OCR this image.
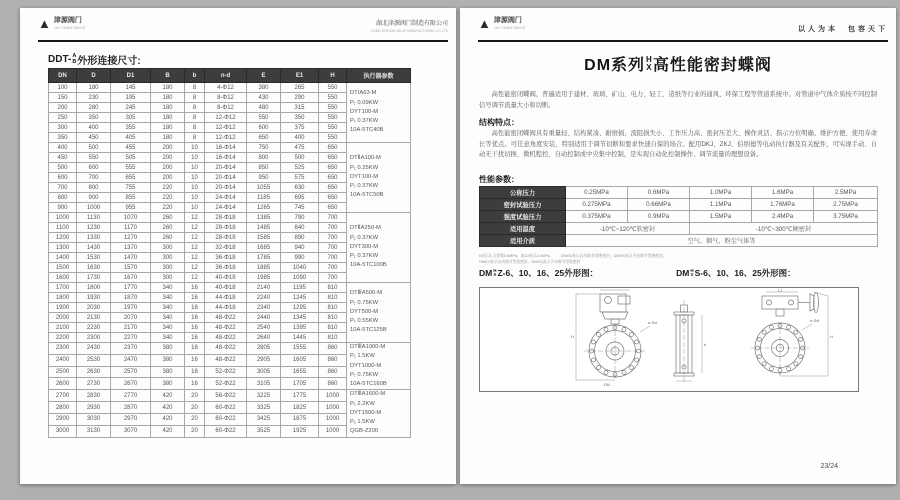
▲ 津源阀门
JIN YUAN VALVE
湖北津源阀门制造有限公司
HUBEI JINYUAN VALVE MANUFACTURING CO.,LTD
DDT- A
B 外形连接尺寸:
DN	D	D1	B	b	n-d	E	E1	H	执行器参数
100	180	145	180	8	4-Φ12	380	265	550	DTⅠA63-M
P₁ 0.09KW
DYT100-M
P₁ 0.37KW
10A-5TC40B
150	230	195	180	8	8-Φ12	430	290	550	
200	280	245	180	8	8-Φ12	480	315	550	
250	350	305	180	8	12-Φ12	550	350	550	
300	400	355	180	8	12-Φ12	600	375	550	
350	450	405	180	8	12-Φ12	650	400	550	
400	500	455	200	10	16-Φ14	750	475	650	DTⅡA100-M
P₁ 0.25KW
DYT100-M
P₁ 0.37KW
10A-5TC50B
450	550	505	200	10	16-Φ14	800	500	650	
500	600	555	200	10	20-Φ14	850	525	650	
600	700	655	200	10	20-Φ14	950	575	650	
700	800	755	220	10	20-Φ14	1055	630	650	
800	900	855	220	10	24-Φ14	1185	695	650	
900	1000	955	220	10	24-Φ14	1265	745	650	
1000	1130	1070	260	12	28-Φ18	1385	790	700	DTⅡA250-M
P₁ 0.37KW
DYT300-M
P₁ 0.37KW
10A-5TC100B
1100	1230	1170	260	12	28-Φ18	1485	840	700	
1200	1330	1270	260	12	28-Φ18	1585	890	700	
1300	1430	1370	300	12	32-Φ18	1685	940	700	
1400	1530	1470	300	12	36-Φ18	1785	990	700	
1500	1630	1570	300	12	36-Φ18	1885	1040	700	
1600	1730	1670	300	12	40-Φ18	1985	1090	700	
1700	1800	1770	340	16	40-Φ18	2140	1195	810	DTⅢA500-M
P₁ 0.75KW
DYT500-M
P₁ 0.55KW
10A-5TC125B
1800	1930	1870	340	16	44-Φ18	2240	1245	810	
1900	2030	1970	340	16	44-Φ18	2340	1295	810	
2000	2130	2070	340	16	48-Φ22	2440	1345	810	
2100	2230	2170	340	16	48-Φ22	2540	1395	810	
2200	2300	2270	340	16	48-Φ22	2640	1445	810	
2300	2430	2370	380	16	48-Φ22	2805	1555	860	DTⅢA1000-M
P₁ 1.5KW
DYT1000-M
P₁ 0.75KW
10A-5TC160B
2400	2530	2470	380	16	48-Φ22	2905	1605	860	
2500	2630	2570	380	16	52-Φ22	3005	1655	860	
2600	2730	2670	380	16	52-Φ22	3105	1705	860	
2700	2830	2770	420	20	56-Φ22	3225	1775	1000	DTⅢA1600-M
P₁ 2.2KW
DYT1500-M
P₁ 1.5KW
QGB-Z200
2800	2930	2870	420	20	60-Φ22	3325	1825	1000	
2900	3030	2970	420	20	60-Φ22	3425	1875	1000	
3000	3130	3070	420	20	60-Φ22	3525	1925	1000	
▲ 津源阀门
JIN YUAN VALVE	以人为本　包容天下
DM系列 H
X 高性能密封蝶阀
高性能密闭蝶阀，普遍适用于建材、玻璃、矿山、电力、轻工、造纸等行业的通风、环保工程等管道系统中。对管道中气体介质按不同控制信号调节流量大小和切断。
结构特点：
高性能密闭蝶阀具有重量轻、结构紧凑、耐磨损、流阻损失小、工作压力高、密封压差大、操作灵活、指示方位明确、维护方便、使用寿命长等优点。可任意角度安装，特别适用于调节切断和要求快速自保的场合。配用DKJ、ZKJ、伯纳德等电动执行器及有关配件，可实现手动、自动无干扰切换、微机程控、自动控制或中央集中控制，是实现自动化控制操作、调节流量的理想设备。
性能参数：
公称压力	0.25MPa	0.6MPa	1.0MPa	1.6MPa	2.5MPa
密封试验压力	0.275MPa	0.66MPa	1.1MPa	1.76MPa	2.75MPa
强度试验压力	0.375MPa	0.9MPa	1.5MPa	2.4MPa	3.75MPa
适用温度	-10℃~120℃软密封		-10℃~300℃硬密封		
适用介质	空气、烟气、粉尘气体等				
6表示压力等级0.6MPa，如10表示1.0MPa。　　DMHZ表示自动调节型硬密封，DMHS表示手动调节型硬密封。
DMXZ表示自动调节型软密封，DMXS表示手动调节型软密封
DM H
X Z-6、10、16、25外形图：	DM H
X S-6、10、16、25外形图：
H
n-Φd
DN
b
L1
H
n-Φd
23/24
